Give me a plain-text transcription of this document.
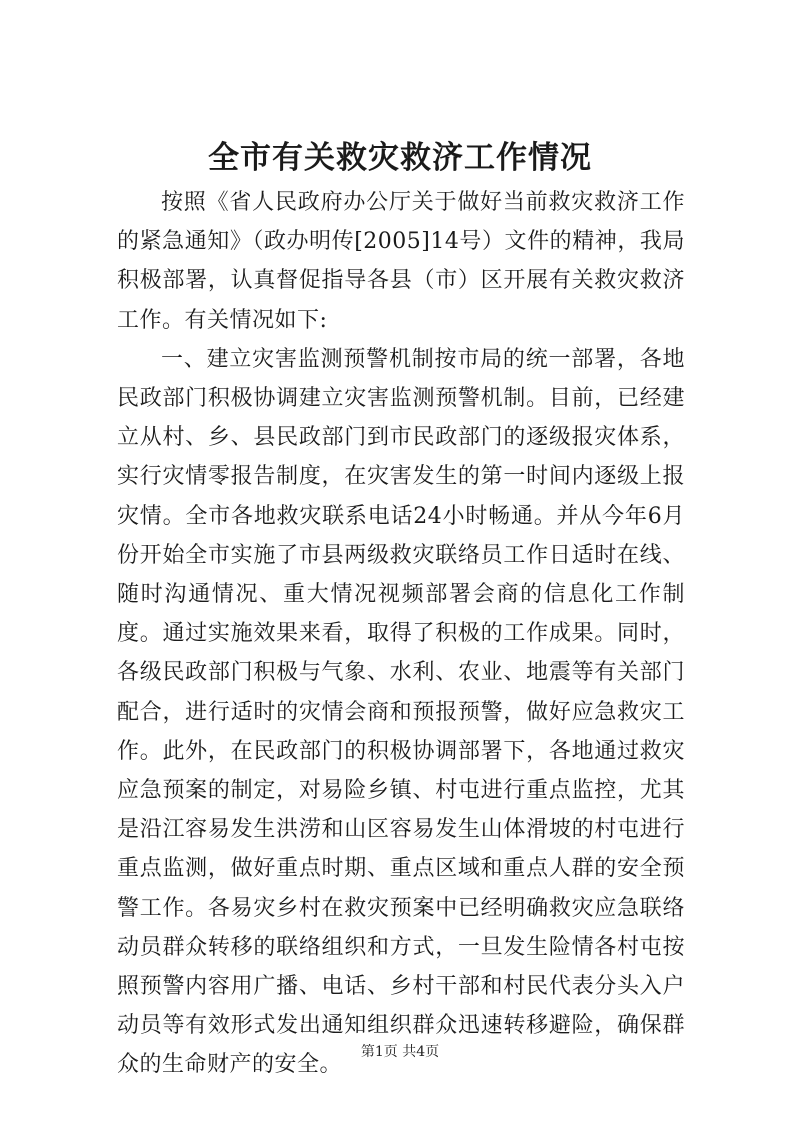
全市有关救灾救济工作情况

按照《省人民政府办公厅关于做好当前救灾救济工作的紧急通知》（政办明传[2005]14号）文件的精神，我局积极部署，认真督促指导各县（市）区开展有关救灾救济工作。有关情况如下:

一、建立灾害监测预警机制按市局的统一部署，各地民政部门积极协调建立灾害监测预警机制。目前，已经建立从村、乡、县民政部门到市民政部门的逐级报灾体系，实行灾情零报告制度，在灾害发生的第一时间内逐级上报灾情。全市各地救灾联系电话24小时畅通。并从今年6月份开始全市实施了市县两级救灾联络员工作日适时在线、随时沟通情况、重大情况视频部署会商的信息化工作制度。通过实施效果来看，取得了积极的工作成果。同时，各级民政部门积极与气象、水利、农业、地震等有关部门配合，进行适时的灾情会商和预报预警，做好应急救灾工作。此外，在民政部门的积极协调部署下，各地通过救灾应急预案的制定，对易险乡镇、村屯进行重点监控，尤其是沿江容易发生洪涝和山区容易发生山体滑坡的村屯进行重点监测，做好重点时期、重点区域和重点人群的安全预警工作。各易灾乡村在救灾预案中已经明确救灾应急联络动员群众转移的联络组织和方式，一旦发生险情各村屯按照预警内容用广播、电话、乡村干部和村民代表分头入户动员等有效形式发出通知组织群众迅速转移避险，确保群众的生命财产的安全。

第1页 共4页
